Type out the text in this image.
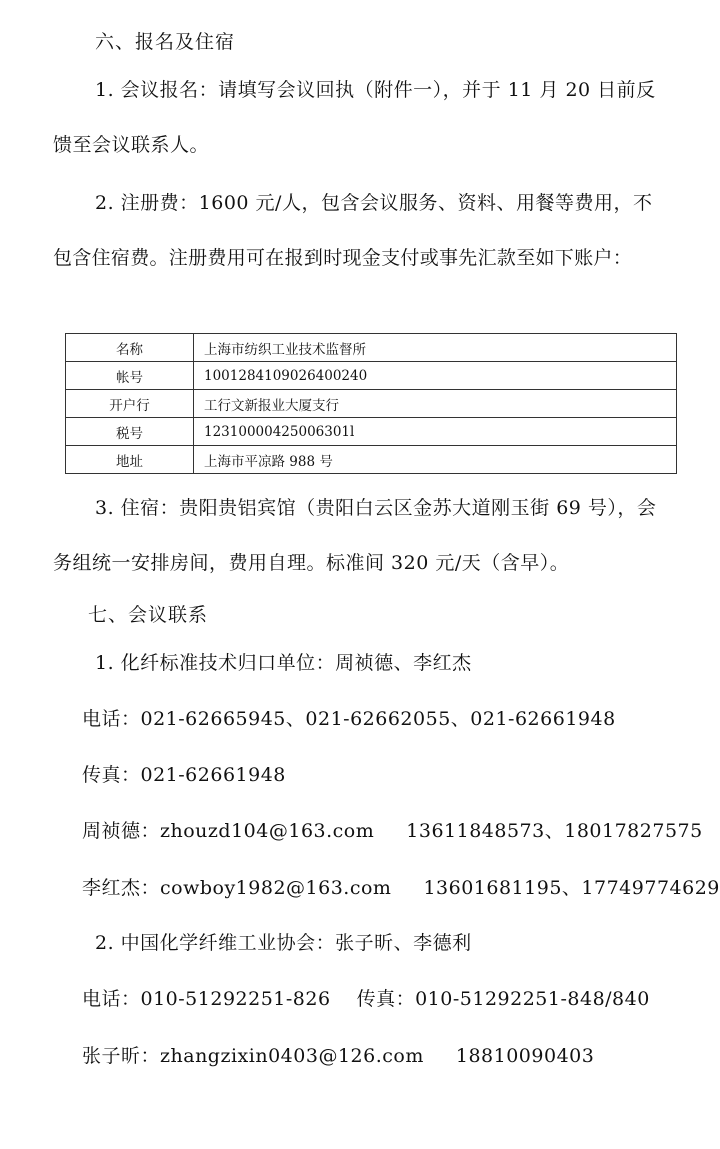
六、报名及住宿
1. 会议报名：请填写会议回执（附件一），并于 11 月 20 日前反
馈至会议联系人。
2. 注册费：1600 元/人，包含会议服务、资料、用餐等费用，不
包含住宿费。注册费用可在报到时现金支付或事先汇款至如下账户：
名称	上海市纺织工业技术监督所
帐号	1001284109026400240
开户行	工行文新报业大厦支行
税号	12310000425006301l
地址	上海市平凉路 988 号
3. 住宿：贵阳贵铝宾馆（贵阳白云区金苏大道刚玉街 69 号），会
务组统一安排房间，费用自理。标准间 320 元/天（含早）。
七、会议联系
1. 化纤标准技术归口单位：周祯德、李红杰
电话：021-62665945、021-62662055、021-62661948
传真：021-62661948
周祯德：zhouzd104@163.com 13611848573、18017827575
李红杰：cowboy1982@163.com 13601681195、17749774629
2. 中国化学纤维工业协会：张子昕、李德利
电话：010-51292251-826 传真：010-51292251-848/840
张子昕：zhangzixin0403@126.com 18810090403
